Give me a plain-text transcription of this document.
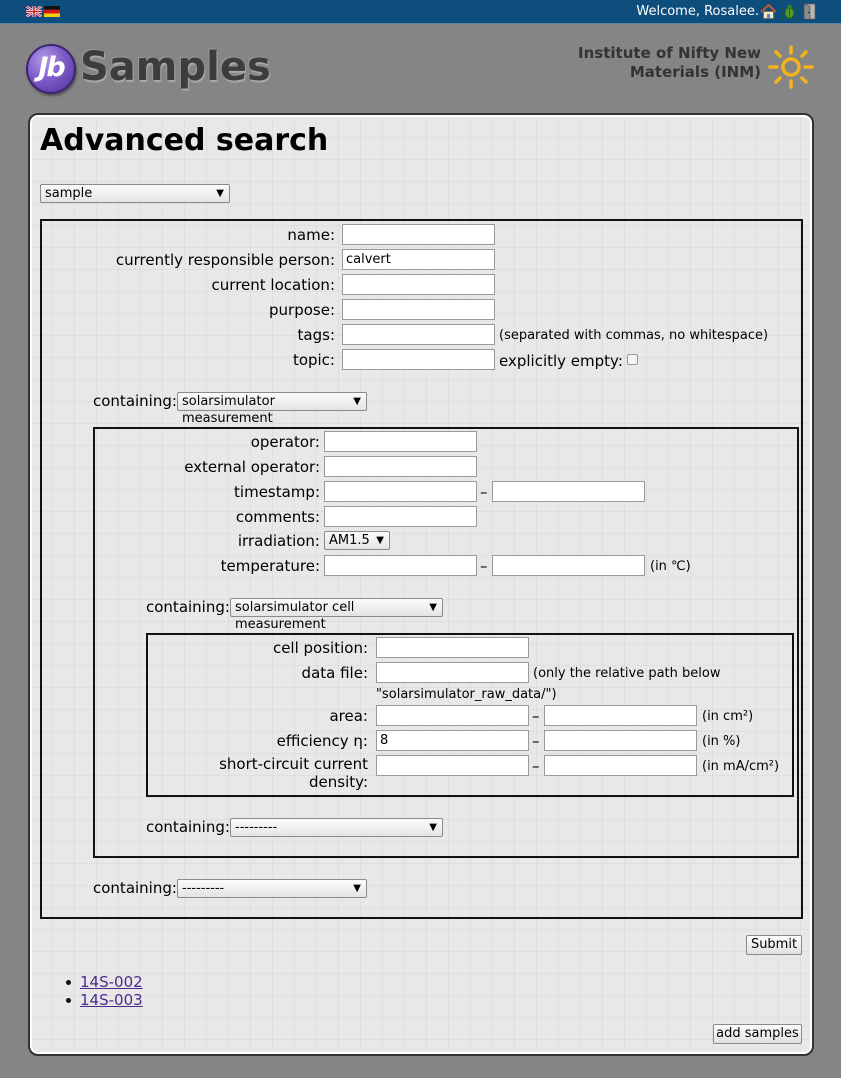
Welcome, Rosalee.
Jb Samples	Institute of Nifty New
Materials (INM)
Advanced search
sample	▼
name:
currently responsible person: calvert
current location:
purpose:
tags:	(separated with commas, no whitespace)
topic:	explicitly empty:
containing: solarsimulator measurement
▼
operator:
external operator:
timestamp:	–
comments:
irradiation: AM1.5 ▼
temperature:	–	(in ℃)
containing: solarsimulator cell measurement
▼
cell position:
data file:	(only the relative path below
"solarsimulator_raw_data/")
area:	–	(in cm²)
efficiency η: 8	–	(in %)
short-circuit current
density:
–	(in mA/cm²)
containing: ---------	▼
containing: ---------	▼
Submit
14S-002
14S-003
add samples
